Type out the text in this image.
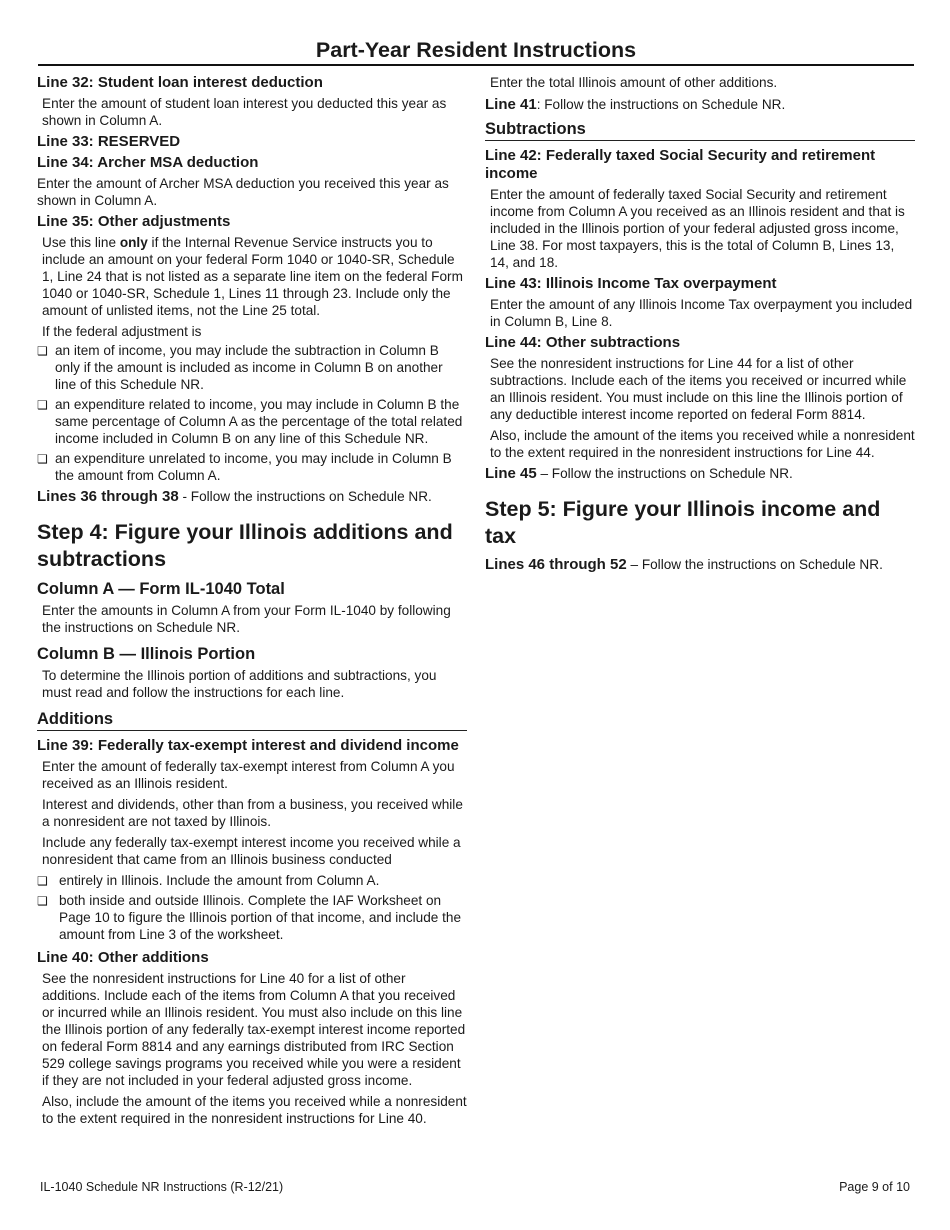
Part-Year Resident Instructions
Line 32: Student loan interest deduction
Enter the amount of student loan interest you deducted this year as shown in Column A.
Line 33: RESERVED
Line 34: Archer MSA deduction
Enter the amount of Archer MSA deduction you received this year as shown in Column A.
Line 35: Other adjustments
Use this line only if the Internal Revenue Service instructs you to include an amount on your federal Form 1040 or 1040-SR, Schedule 1, Line 24 that is not listed as a separate line item on the federal Form 1040 or 1040-SR, Schedule 1, Lines 11 through 23. Include only the amount of unlisted items, not the Line 25 total.
If the federal adjustment is
❑ an item of income, you may include the subtraction in Column B only if the amount is included as income in Column B on another line of this Schedule NR.
❑ an expenditure related to income, you may include in Column B the same percentage of Column A as the percentage of the total related income included in Column B on any line of this Schedule NR.
❑ an expenditure unrelated to income, you may include in Column B the amount from Column A.
Lines 36 through 38 - Follow the instructions on Schedule NR.
Step 4: Figure your Illinois additions and subtractions
Column A — Form IL-1040 Total
Enter the amounts in Column A from your Form IL-1040 by following the instructions on Schedule NR.
Column B — Illinois Portion
To determine the Illinois portion of additions and subtractions, you must read and follow the instructions for each line.
Additions
Line 39: Federally tax-exempt interest and dividend income
Enter the amount of federally tax-exempt interest from Column A you received as an Illinois resident.
Interest and dividends, other than from a business, you received while a nonresident are not taxed by Illinois.
Include any federally tax-exempt interest income you received while a nonresident that came from an Illinois business conducted
❑ entirely in Illinois. Include the amount from Column A.
❑ both inside and outside Illinois. Complete the IAF Worksheet on Page 10 to figure the Illinois portion of that income, and include the amount from Line 3 of the worksheet.
Line 40: Other additions
See the nonresident instructions for Line 40 for a list of other additions. Include each of the items from Column A that you received or incurred while an Illinois resident. You must also include on this line the Illinois portion of any federally tax-exempt interest income reported on federal Form 8814 and any earnings distributed from IRC Section 529 college savings programs you received while you were a resident if they are not included in your federal adjusted gross income.
Also, include the amount of the items you received while a nonresident to the extent required in the nonresident instructions for Line 40.
Enter the total Illinois amount of other additions.
Line 41: Follow the instructions on Schedule NR.
Subtractions
Line 42: Federally taxed Social Security and retirement income
Enter the amount of federally taxed Social Security and retirement income from Column A you received as an Illinois resident and that is included in the Illinois portion of your federal adjusted gross income, Line 38. For most taxpayers, this is the total of Column B, Lines 13, 14, and 18.
Line 43: Illinois Income Tax overpayment
Enter the amount of any Illinois Income Tax overpayment you included in Column B, Line 8.
Line 44: Other subtractions
See the nonresident instructions for Line 44 for a list of other subtractions. Include each of the items you received or incurred while an Illinois resident. You must include on this line the Illinois portion of any deductible interest income reported on federal Form 8814.
Also, include the amount of the items you received while a nonresident to the extent required in the nonresident instructions for Line 44.
Line 45 – Follow the instructions on Schedule NR.
Step 5: Figure your Illinois income and tax
Lines 46 through 52 – Follow the instructions on Schedule NR.
IL-1040 Schedule NR Instructions (R-12/21)	Page 9 of 10
